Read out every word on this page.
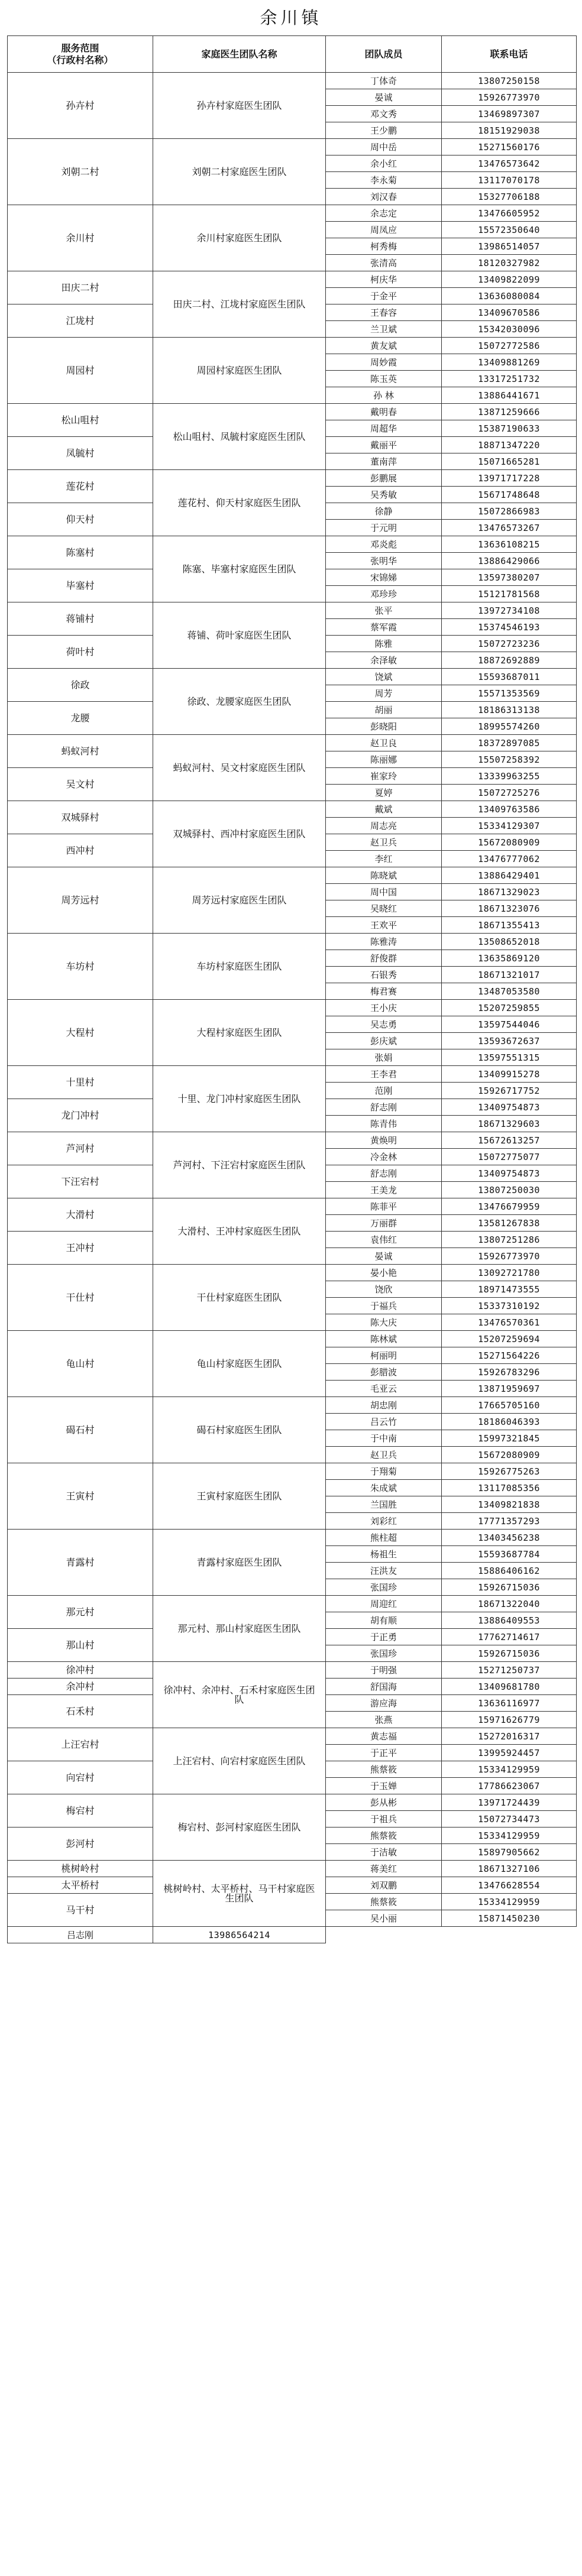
余川镇
服务范围
（行政村名称）	家庭医生团队名称	团队成员	联系电话
孙卉村	孙卉村家庭医生团队	丁体奇	13807250158
		晏诚	15926773970
		邓文秀	13469897307
		王少鹏	18151929038
刘朝二村	刘朝二村家庭医生团队	周中岳	15271560176
		余小红	13476573642
		李永菊	13117070178
		刘汉春	15327706188
余川村	余川村家庭医生团队	余志定	13476605952
		周凤应	15572350640
		柯秀梅	13986514057
		张清高	18120327982
田庆二村	田庆二村、江垅村家庭医生团队	柯庆华	13409822099
		于金平	13636080084
江垅村		王春容	13409670586
		兰卫斌	15342030096
周园村	周园村家庭医生团队	黄友斌	15072772586
		周妙霞	13409881269
		陈玉英	13317251732
		孙 林	13886441671
松山咀村	松山咀村、凤毓村家庭医生团队	戴明春	13871259666
		周超华	15387190633
凤毓村		戴丽平	18871347220
		董南萍	15071665281
莲花村	莲花村、仰天村家庭医生团队	彭鹏展	13971717228
		吴秀敏	15671748648
仰天村		徐静	15072866983
		于元明	13476573267
陈塞村	陈塞、毕塞村家庭医生团队	邓炎彪	13636108215
		张明华	13886429066
毕塞村		宋锦娣	13597380207
		邓珍珍	15121781568
蒋铺村	蒋铺、荷叶家庭医生团队	张平	13972734108
		蔡军霞	15374546193
荷叶村		陈雅	15072723236
		余泽敏	18872692889
徐政	徐政、龙腰家庭医生团队	饶斌	15593687011
		周芳	15571353569
龙腰		胡丽	18186313138
		彭晓阳	18995574260
蚂蚁河村	蚂蚁河村、吴文村家庭医生团队	赵卫良	18372897085
		陈丽娜	15507258392
吴文村		崔家玲	13339963255
		夏婷	15072725276
双城驿村	双城驿村、西冲村家庭医生团队	戴斌	13409763586
		周志亮	15334129307
西冲村		赵卫兵	15672080909
		李红	13476777062
周芳远村	周芳远村家庭医生团队	陈晓斌	13886429401
		周中国	18671329023
		吴晓红	18671323076
		王欢平	18671355413
车坊村	车坊村家庭医生团队	陈雅涛	13508652018
		舒俊群	13635869120
		石银秀	18671321017
		梅君赛	13487053580
大程村	大程村家庭医生团队	王小庆	15207259855
		吴志勇	13597544046
		彭庆斌	13593672637
		张娟	13597551315
十里村	十里、龙门冲村家庭医生团队	王李君	13409915278
		范刚	15926717752
龙门冲村		舒志刚	13409754873
		陈青伟	18671329603
芦河村	芦河村、下汪宕村家庭医生团队	黄焕明	15672613257
		冷金林	15072775077
下汪宕村		舒志刚	13409754873
		王美龙	13807250030
大滑村	大滑村、王冲村家庭医生团队	陈菲平	13476679959
		万丽群	13581267838
王冲村		袁伟红	13807251286
		晏诚	15926773970
干仕村	干仕村家庭医生团队	晏小艳	13092721780
		饶欣	18971473555
		于福兵	15337310192
		陈大庆	13476570361
龟山村	龟山村家庭医生团队	陈林斌	15207259694
		柯丽明	15271564226
		彭腊波	15926783296
		毛亚云	13871959697
碣石村	碣石村家庭医生团队	胡忠刚	17665705160
		吕云竹	18186046393
		于中南	15997321845
		赵卫兵	15672080909
王寅村	王寅村家庭医生团队	于翔菊	15926775263
		朱成斌	13117085356
		兰国胜	13409821838
		刘彩红	17771357293
青露村	青露村家庭医生团队	熊柱超	13403456238
		杨祖生	15593687784
		汪洪友	15886406162
		张国珍	15926715036
那元村	那元村、那山村家庭医生团队	周迎红	18671322040
		胡有顺	13886409553
那山村		于正勇	17762714617
		张国珍	15926715036
徐冲村	徐冲村、余冲村、石禾村家庭医生团队	于明强	15271250737
余冲村		舒国海	13409681780
石禾村		游应海	13636116977
		张燕	15971626779
上汪宕村	上汪宕村、向宕村家庭医生团队	黄志福	15272016317
		于正平	13995924457
向宕村		熊蔡筱	15334129959
		于玉婵	17786623067
梅宕村	梅宕村、彭河村家庭医生团队	彭从彬	13971724439
		于祖兵	15072734473
彭河村		熊蔡筱	15334129959
		于洁敏	15897905662
桃树岭村	桃树岭村、太平桥村、马干村家庭医生团队	蒋美红	18671327106
太平桥村		刘双鹏	13476628554
马干村		熊蔡筱	15334129959
		吴小丽	15871450230
吕志刚	13986564214		
